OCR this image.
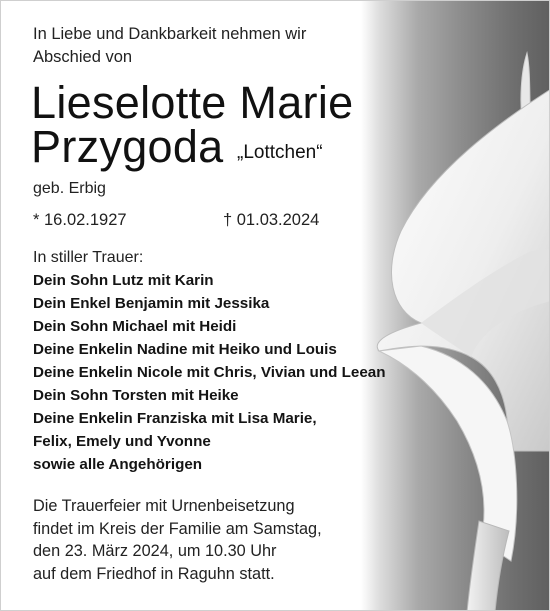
In Liebe und Dankbarkeit nehmen wir
Abschied von
Lieselotte Marie
Przygoda „Lottchen“
geb. Erbig
* 16.02.1927	† 01.03.2024
In stiller Trauer:
Dein Sohn Lutz mit Karin
Dein Enkel Benjamin mit Jessika
Dein Sohn Michael mit Heidi
Deine Enkelin Nadine mit Heiko und Louis
Deine Enkelin Nicole mit Chris, Vivian und Leean
Dein Sohn Torsten mit Heike
Deine Enkelin Franziska mit Lisa Marie,
Felix, Emely und Yvonne
sowie alle Angehörigen
Die Trauerfeier mit Urnenbeisetzung
findet im Kreis der Familie am Samstag,
den 23. März 2024, um 10.30 Uhr
auf dem Friedhof in Raguhn statt.
